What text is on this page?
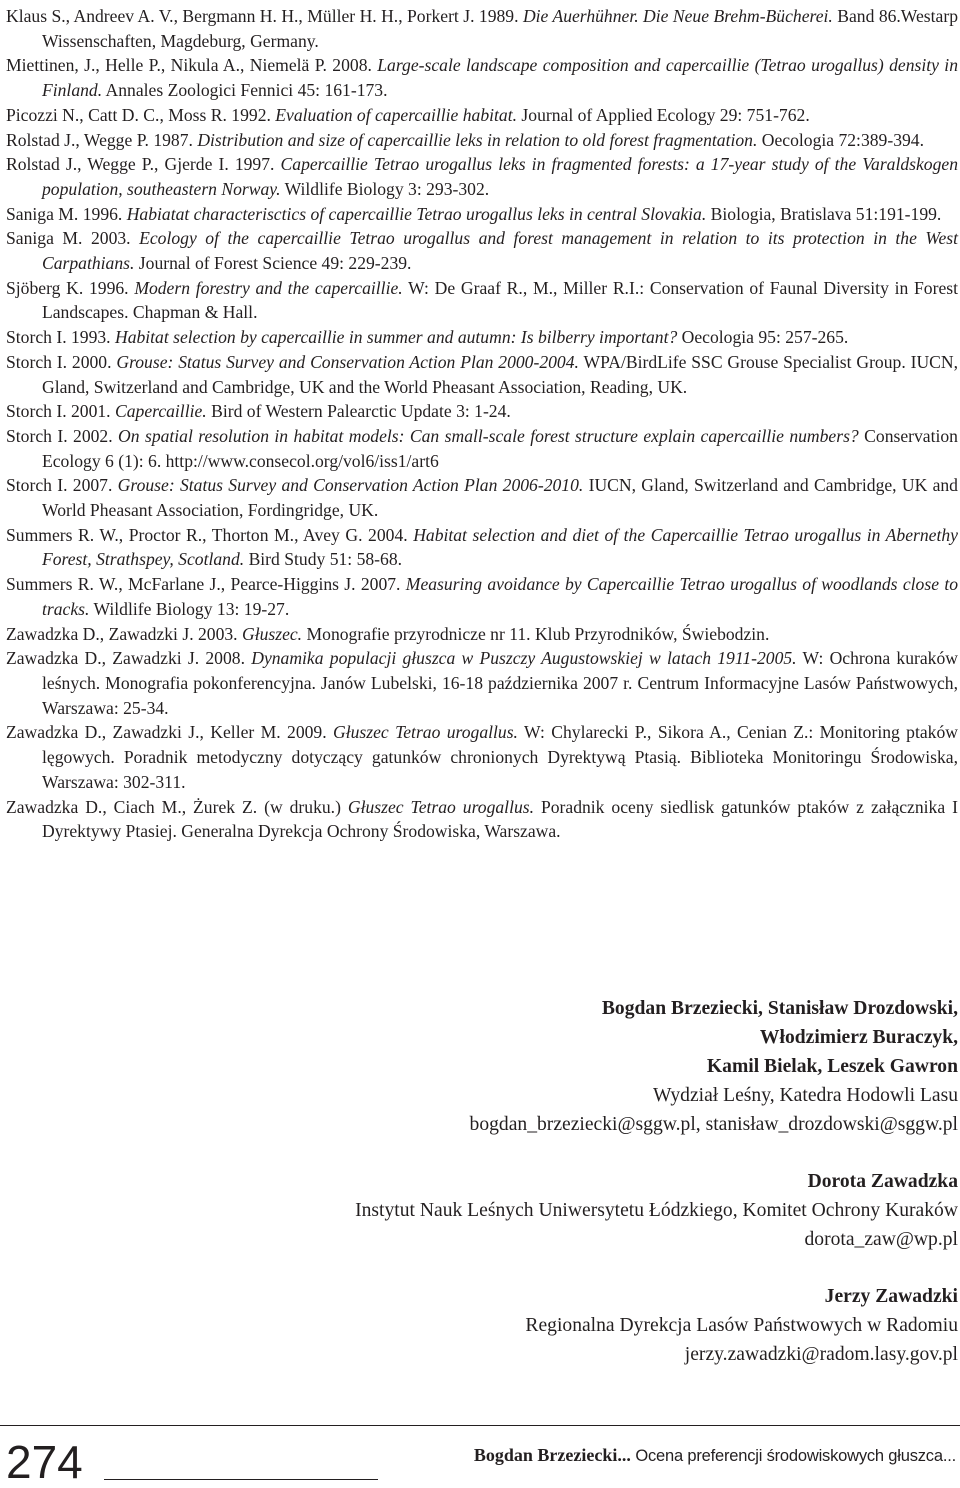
Klaus S., Andreev A. V., Bergmann H. H., Müller H. H., Porkert J. 1989. Die Auerhühner. Die Neue Brehm-Bücherei. Band 86.Westarp Wissenschaften, Magdeburg, Germany.

Miettinen, J., Helle P., Nikula A., Niemelä P. 2008. Large-scale landscape composition and capercaillie (Tetrao urogallus) density in Finland. Annales Zoologici Fennici 45: 161-173.

Picozzi N., Catt D. C., Moss R. 1992. Evaluation of capercaillie habitat. Journal of Applied Ecology 29: 751-762.

Rolstad J., Wegge P. 1987. Distribution and size of capercaillie leks in relation to old forest fragmentation. Oecologia 72:389-394.

Rolstad J., Wegge P., Gjerde I. 1997. Capercaillie Tetrao urogallus leks in fragmented forests: a 17-year study of the Varaldskogen population, southeastern Norway. Wildlife Biology 3: 293-302.

Saniga M. 1996. Habiatat characterisctics of capercaillie Tetrao urogallus leks in central Slovakia. Biologia, Bratislava 51:191-199.

Saniga M. 2003. Ecology of the capercaillie Tetrao urogallus and forest management in relation to its protection in the West Carpathians. Journal of Forest Science 49: 229-239.

Sjöberg K. 1996. Modern forestry and the capercaillie. W: De Graaf R., M., Miller R.I.: Conservation of Faunal Diversity in Forest Landscapes. Chapman & Hall.

Storch I. 1993. Habitat selection by capercaillie in summer and autumn: Is bilberry important? Oecologia 95: 257-265.

Storch I. 2000. Grouse: Status Survey and Conservation Action Plan 2000-2004. WPA/BirdLife SSC Grouse Specialist Group. IUCN, Gland, Switzerland and Cambridge, UK and the World Pheasant Association, Reading, UK.

Storch I. 2001. Capercaillie. Bird of Western Palearctic Update 3: 1-24.

Storch I. 2002. On spatial resolution in habitat models: Can small-scale forest structure explain capercaillie numbers? Conservation Ecology 6 (1): 6. http://www.consecol.org/vol6/iss1/art6

Storch I. 2007. Grouse: Status Survey and Conservation Action Plan 2006-2010. IUCN, Gland, Switzerland and Cambridge, UK and World Pheasant Association, Fordingridge, UK.

Summers R. W., Proctor R., Thorton M., Avey G. 2004. Habitat selection and diet of the Capercaillie Tetrao urogallus in Abernethy Forest, Strathspey, Scotland. Bird Study 51: 58-68.

Summers R. W., McFarlane J., Pearce-Higgins J. 2007. Measuring avoidance by Capercaillie Tetrao urogallus of woodlands close to tracks. Wildlife Biology 13: 19-27.

Zawadzka D., Zawadzki J. 2003. Głuszec. Monografie przyrodnicze nr 11. Klub Przyrodników, Świebodzin.

Zawadzka D., Zawadzki J. 2008. Dynamika populacji głuszca w Puszczy Augustowskiej w latach 1911-2005. W: Ochrona kuraków leśnych. Monografia pokonferencyjna. Janów Lubelski, 16-18 października 2007 r. Centrum Informacyjne Lasów Państwowych, Warszawa: 25-34.

Zawadzka D., Zawadzki J., Keller M. 2009. Głuszec Tetrao urogallus. W: Chylarecki P., Sikora A., Cenian Z.: Monitoring ptaków lęgowych. Poradnik metodyczny dotyczący gatunków chronionych Dyrektywą Ptasią. Biblioteka Monitoringu Środowiska, Warszawa: 302-311.

Zawadzka D., Ciach M., Żurek Z. (w druku.) Głuszec Tetrao urogallus. Poradnik oceny siedlisk gatunków ptaków z załącznika I Dyrektywy Ptasiej. Generalna Dyrekcja Ochrony Środowiska, Warszawa.

Bogdan Brzeziecki, Stanisław Drozdowski,
Włodzimierz Buraczyk,
Kamil Bielak, Leszek Gawron
Wydział Leśny, Katedra Hodowli Lasu
bogdan_brzeziecki@sggw.pl, stanisław_drozdowski@sggw.pl
Dorota Zawadzka
Instytut Nauk Leśnych Uniwersytetu Łódzkiego, Komitet Ochrony Kuraków
dorota_zaw@wp.pl
Jerzy Zawadzki
Regionalna Dyrekcja Lasów Państwowych w Radomiu
jerzy.zawadzki@radom.lasy.gov.pl
274	Bogdan Brzeziecki... Ocena preferencji środowiskowych głuszca...
